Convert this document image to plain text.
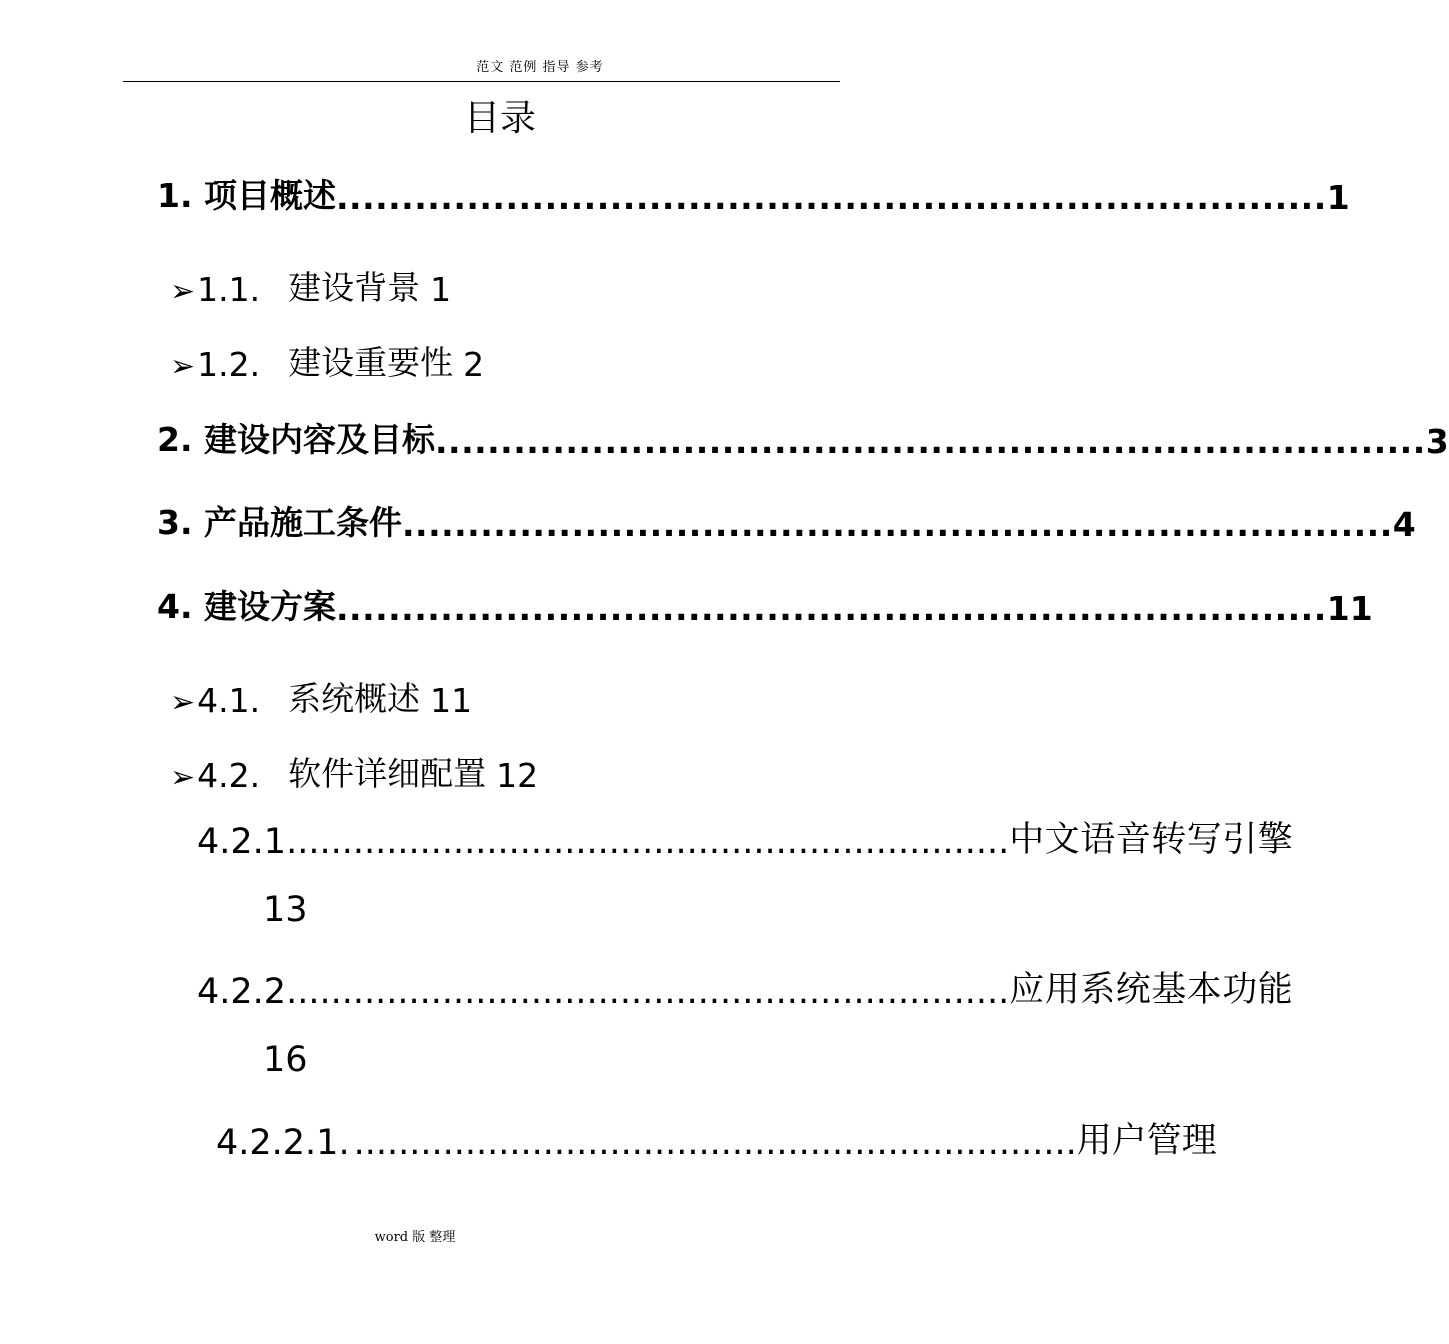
范文 范例 指导 参考
目录
1. 项目概述 ............................................................................ 1
➢ 1.1. 建设背景 1
➢ 1.2. 建设重要性 2
2. 建设内容及目标 ............................................................................ 3
3. 产品施工条件 ............................................................................ 4
4. 建设方案 ............................................................................ 11
➢ 4.1. 系统概述 11
➢ 4.2. 软件详细配置 12
4.2.1 ................................................................. 中文语音转写引擎
13
4.2.2 ................................................................. 应用系统基本功能
16
4.2.2.1. ................................................................. 用户管理
word 版 整理
